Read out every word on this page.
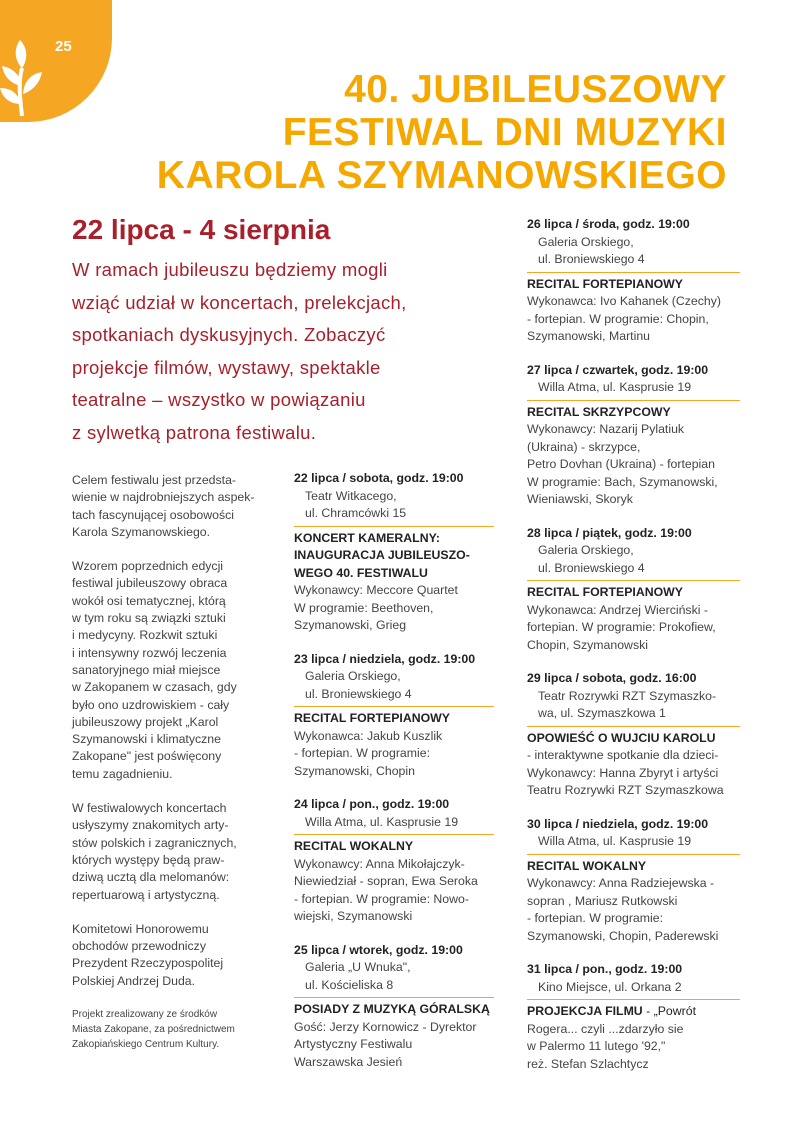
25
40. JUBILEUSZOWY
FESTIWAL DNI MUZYKI
KAROLA SZYMANOWSKIEGO
22 lipca - 4 sierpnia
W ramach jubileuszu będziemy mogli
wziąć udział w koncertach, prelekcjach,
spotkaniach dyskusyjnych. Zobaczyć
projekcje filmów, wystawy, spektakle
teatralne – wszystko w powiązaniu
z sylwetką patrona festiwalu.

Celem festiwalu jest przedsta-
wienie w najdrobniejszych aspek-
tach fascynującej osobowości
Karola Szymanowskiego.

Wzorem poprzednich edycji
festiwal jubileuszowy obraca
wokół osi tematycznej, którą
w tym roku są związki sztuki
i medycyny. Rozkwit sztuki
i intensywny rozwój leczenia
sanatoryjnego miał miejsce
w Zakopanem w czasach, gdy
było ono uzdrowiskiem - cały
jubileuszowy projekt „Karol
Szymanowski i klimatyczne
Zakopane" jest poświęcony
temu zagadnieniu.

W festiwalowych koncertach
usłyszymy znakomitych arty-
stów polskich i zagranicznych,
których występy będą praw-
dziwą ucztą dla melomanów:
repertuarową i artystyczną.

Komitetowi Honorowemu
obchodów przewodniczy
Prezydent Rzeczypospolitej
Polskiej Andrzej Duda.

Projekt zrealizowany ze środków
Miasta Zakopane, za pośrednictwem
Zakopiańskiego Centrum Kultury.

22 lipca / sobota, godz. 19:00
Teatr Witkacego,
ul. Chramcówki 15
KONCERT KAMERALNY:
INAUGURACJA JUBILEUSZO-
WEGO 40. FESTIWALU
Wykonawcy: Meccore Quartet
W programie: Beethoven,
Szymanowski, Grieg
23 lipca / niedziela, godz. 19:00
Galeria Orskiego,
ul. Broniewskiego 4
RECITAL FORTEPIANOWY
Wykonawca: Jakub Kuszlik
- fortepian. W programie:
Szymanowski, Chopin
24 lipca / pon., godz. 19:00
Willa Atma, ul. Kasprusie 19
RECITAL WOKALNY
Wykonawcy: Anna Mikołajczyk-
Niewiedział - sopran, Ewa Seroka
- fortepian. W programie: Nowo-
wiejski, Szymanowski
25 lipca / wtorek, godz. 19:00
Galeria „U Wnuka",
ul. Kościeliska 8
POSIADY Z MUZYKĄ GÓRALSKĄ
Gość: Jerzy Kornowicz - Dyrektor
Artystyczny Festiwalu
Warszawska Jesień
26 lipca / środa, godz. 19:00
Galeria Orskiego,
ul. Broniewskiego 4
RECITAL FORTEPIANOWY
Wykonawca: Ivo Kahanek (Czechy)
- fortepian. W programie: Chopin,
Szymanowski, Martinu
27 lipca / czwartek, godz. 19:00
Willa Atma, ul. Kasprusie 19
RECITAL SKRZYPCOWY
Wykonawcy: Nazarij Pylatiuk
(Ukraina) - skrzypce,
Petro Dovhan (Ukraina) - fortepian
W programie: Bach, Szymanowski,
Wieniawski, Skoryk
28 lipca / piątek, godz. 19:00
Galeria Orskiego,
ul. Broniewskiego 4
RECITAL FORTEPIANOWY
Wykonawca: Andrzej Wierciński -
fortepian. W programie: Prokofiew,
Chopin, Szymanowski
29 lipca / sobota, godz. 16:00
Teatr Rozrywki RZT Szymaszko-
wa, ul. Szymaszkowa 1
OPOWIEŚĆ O WUJCIU KAROLU
- interaktywne spotkanie dla dzieci-
Wykonawcy: Hanna Zbyryt i artyści
Teatru Rozrywki RZT Szymaszkowa
30 lipca / niedziela, godz. 19:00
Willa Atma, ul. Kasprusie 19
RECITAL WOKALNY
Wykonawcy: Anna Radziejewska -
sopran , Mariusz Rutkowski
- fortepian. W programie:
Szymanowski, Chopin, Paderewski
31 lipca / pon., godz. 19:00
Kino Miejsce, ul. Orkana 2
PROJEKCJA FILMU - „Powrót
Rogera... czyli ...zdarzyło sie
w Palermo 11 lutego '92,"
reż. Stefan Szlachtycz
